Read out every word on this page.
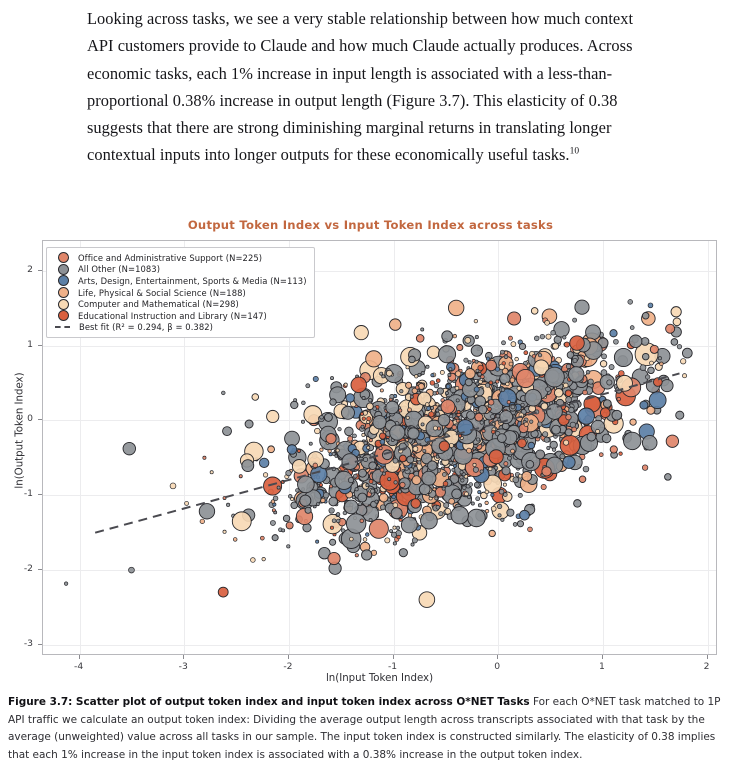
Looking across tasks, we see a very stable relationship between how much context API customers provide to Claude and how much Claude actually produces. Across economic tasks, each 1% increase in input length is associated with a less-than-proportional 0.38% increase in output length (Figure 3.7). This elasticity of 0.38 suggests that there are strong diminishing marginal returns in translating longer contextual inputs into longer outputs for these economically useful tasks.$^{10}$
Output Token Index vs Input Token Index across tasks
-3
-2
-1
0
1
2
-4	-3	-2	-1	0	1	2
ln(Input Token Index)
ln(Output Token Index)
Office and Administrative Support (N=225)
All Other (N=1083)
Arts, Design, Entertainment, Sports & Media (N=113)
Life, Physical & Social Science (N=188)
Computer and Mathematical (N=298)
Educational Instruction and Library (N=147)
Best fit (R² = 0.294, β = 0.382)
Figure 3.7: Scatter plot of output token index and input token index across O*NET Tasks For each O*NET task matched to 1P API traffic we calculate an output token index: Dividing the average output length across transcripts associated with that task by the average (unweighted) value across all tasks in our sample. The input token index is constructed similarly. The elasticity of 0.38 implies that each 1% increase in the input token index is associated with a 0.38% increase in the output token index.
